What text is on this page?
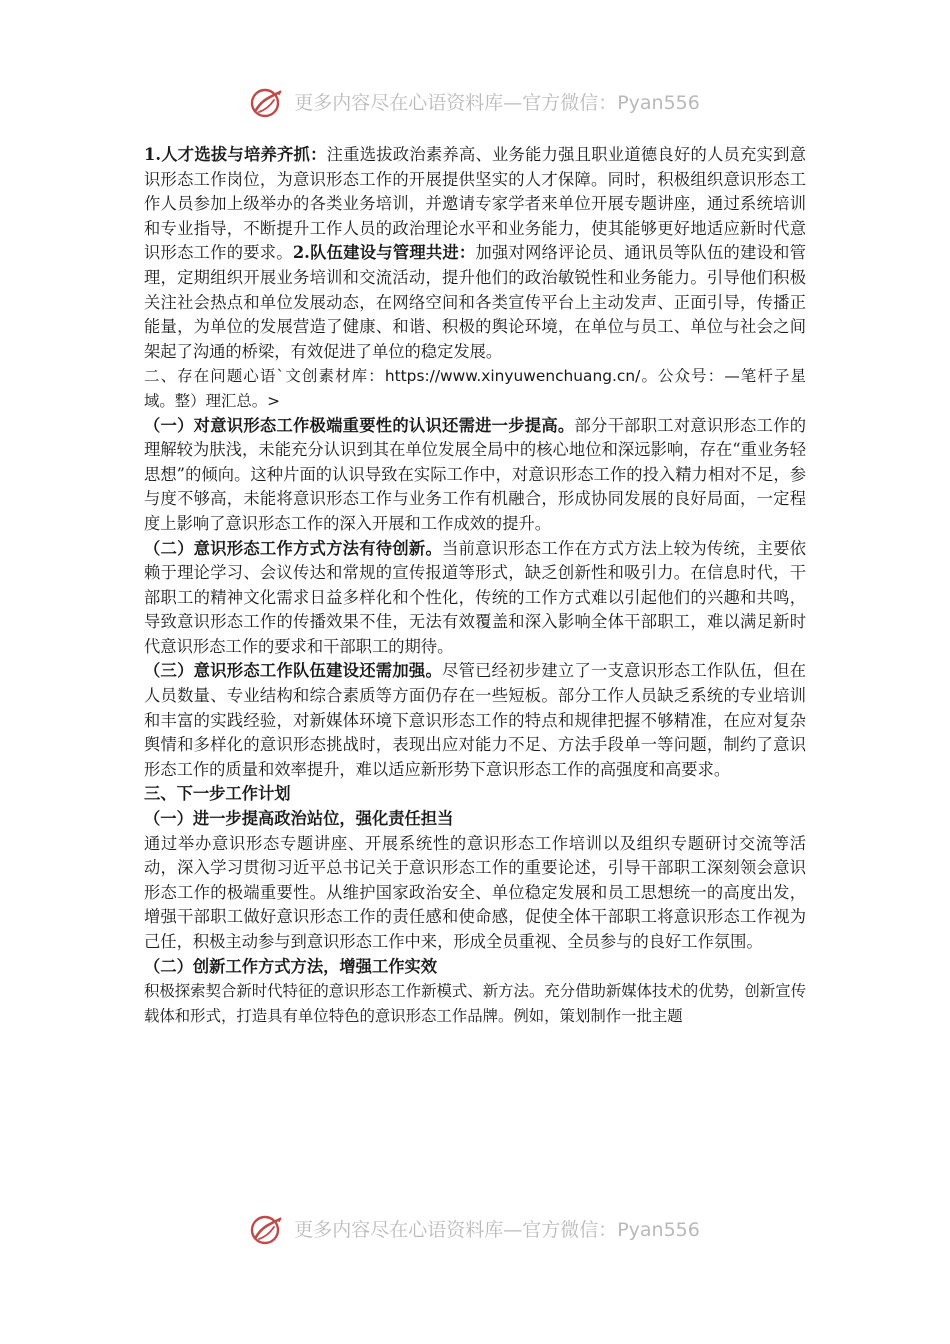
更多内容尽在心语资料库—官方微信：Pyan556

1.人才选拔与培养齐抓：注重选拔政治素养高、业务能力强且职业道德良好的人员充实到意识形态工作岗位，为意识形态工作的开展提供坚实的人才保障。同时，积极组织意识形态工作人员参加上级举办的各类业务培训，并邀请专家学者来单位开展专题讲座，通过系统培训和专业指导，不断提升工作人员的政治理论水平和业务能力，使其能够更好地适应新时代意识形态工作的要求。2.队伍建设与管理共进：加强对网络评论员、通讯员等队伍的建设和管理，定期组织开展业务培训和交流活动，提升他们的政治敏锐性和业务能力。引导他们积极关注社会热点和单位发展动态，在网络空间和各类宣传平台上主动发声、正面引导，传播正能量，为单位的发展营造了健康、和谐、积极的舆论环境，在单位与员工、单位与社会之间架起了沟通的桥梁，有效促进了单位的稳定发展。

二、存在问题心语`文创素材库：https://www.xinyuwenchuang.cn/。公众号：—笔杆子星域。整）理汇总。>

（一）对意识形态工作极端重要性的认识还需进一步提高。部分干部职工对意识形态工作的理解较为肤浅，未能充分认识到其在单位发展全局中的核心地位和深远影响，存在“重业务轻思想”的倾向。这种片面的认识导致在实际工作中，对意识形态工作的投入精力相对不足，参与度不够高，未能将意识形态工作与业务工作有机融合，形成协同发展的良好局面，一定程度上影响了意识形态工作的深入开展和工作成效的提升。

（二）意识形态工作方式方法有待创新。当前意识形态工作在方式方法上较为传统，主要依赖于理论学习、会议传达和常规的宣传报道等形式，缺乏创新性和吸引力。在信息时代，干部职工的精神文化需求日益多样化和个性化，传统的工作方式难以引起他们的兴趣和共鸣，导致意识形态工作的传播效果不佳，无法有效覆盖和深入影响全体干部职工，难以满足新时代意识形态工作的要求和干部职工的期待。

（三）意识形态工作队伍建设还需加强。尽管已经初步建立了一支意识形态工作队伍，但在人员数量、专业结构和综合素质等方面仍存在一些短板。部分工作人员缺乏系统的专业培训和丰富的实践经验，对新媒体环境下意识形态工作的特点和规律把握不够精准，在应对复杂舆情和多样化的意识形态挑战时，表现出应对能力不足、方法手段单一等问题，制约了意识形态工作的质量和效率提升，难以适应新形势下意识形态工作的高强度和高要求。

三、下一步工作计划

（一）进一步提高政治站位，强化责任担当

通过举办意识形态专题讲座、开展系统性的意识形态工作培训以及组织专题研讨交流等活动，深入学习贯彻习近平总书记关于意识形态工作的重要论述，引导干部职工深刻领会意识形态工作的极端重要性。从维护国家政治安全、单位稳定发展和员工思想统一的高度出发，增强干部职工做好意识形态工作的责任感和使命感，促使全体干部职工将意识形态工作视为己任，积极主动参与到意识形态工作中来，形成全员重视、全员参与的良好工作氛围。

（二）创新工作方式方法，增强工作实效

积极探索契合新时代特征的意识形态工作新模式、新方法。充分借助新媒体技术的优势，创新宣传载体和形式，打造具有单位特色的意识形态工作品牌。例如，策划制作一批主题

更多内容尽在心语资料库—官方微信：Pyan556
